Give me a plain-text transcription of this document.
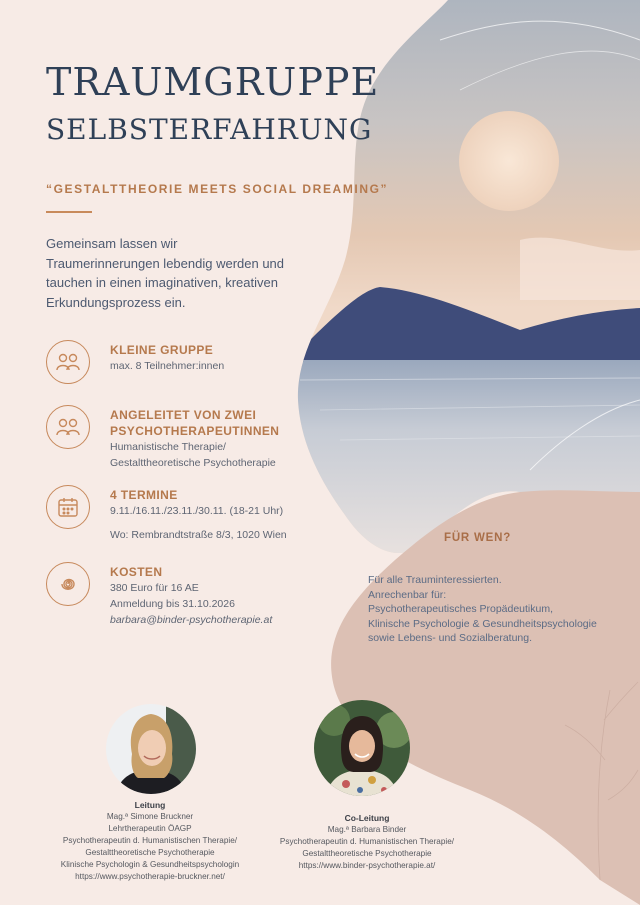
TRAUMGRUPPE
SELBSTERFAHRUNG
“GESTALTTHEORIE MEETS SOCIAL DREAMING”
Gemeinsam lassen wir Traumerinnerungen lebendig werden und tauchen in einen imaginativen, kreativen Erkundungsprozess ein.
KLEINE GRUPPE
max. 8 Teilnehmer:innen
ANGELEITET VON ZWEI
PSYCHOTHERAPEUTINNEN
Humanistische Therapie/
Gestalttheoretische Psychotherapie
4 TERMINE
9.11./16.11./23.11./30.11. (18-21 Uhr)
Wo: Rembrandtstraße 8/3, 1020 Wien
KOSTEN
380 Euro für 16 AE
Anmeldung bis 31.10.2026
barbara@binder-psychotherapie.at
FÜR WEN?
Für alle Trauminteressierten.
Anrechenbar für:
Psychotherapeutisches Propädeutikum,
Klinische Psychologie & Gesundheitspsychologie
sowie Lebens- und Sozialberatung.
Leitung
Mag.ª Simone Bruckner
Lehrtherapeutin ÖAGP
Psychotherapeutin d. Humanistischen Therapie/
Gestalttheoretische Psychotherapie
Klinische Psychologin & Gesundheitspsychologin
https://www.psychotherapie-bruckner.net/
Co-Leitung
Mag.ª Barbara Binder
Psychotherapeutin d. Humanistischen Therapie/
Gestalttheoretische Psychotherapie
https://www.binder-psychotherapie.at/
